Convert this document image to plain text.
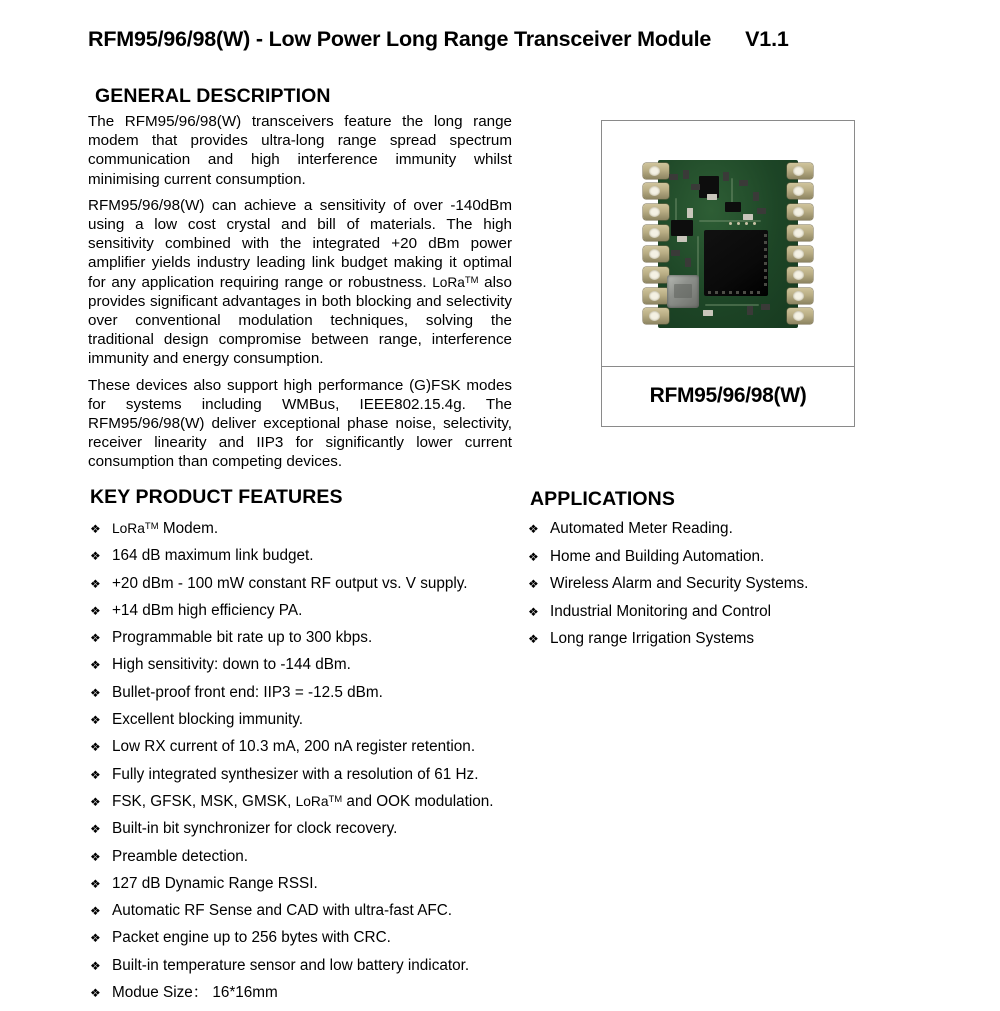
RFM95/96/98(W) - Low Power Long Range Transceiver Module V1.1
GENERAL DESCRIPTION

The RFM95/96/98(W) transceivers feature the long range modem that provides ultra-long range spread spectrum communication and high interference immunity whilst minimising current consumption.

RFM95/96/98(W) can achieve a sensitivity of over -140dBm using a low cost crystal and bill of materials. The high sensitivity combined with the integrated +20 dBm power amplifier yields industry leading link budget making it optimal for any application requiring range or robustness. LoRa™ also provides significant advantages in both blocking and selectivity over conventional modulation techniques, solving the traditional design compromise between range, interference immunity and energy consumption.

These devices also support high performance (G)FSK modes for systems including WMBus, IEEE802.15.4g. The RFM95/96/98(W) deliver exceptional phase noise, selectivity, receiver linearity and IIP3 for significantly lower current consumption than competing devices.

RFM95/96/98(W)
KEY PRODUCT FEATURES
❖ LoRa™ Modem.
❖ 164 dB maximum link budget.
❖ +20 dBm - 100 mW constant RF output vs. V supply.
❖ +14 dBm high efficiency PA.
❖ Programmable bit rate up to 300 kbps.
❖ High sensitivity: down to -144 dBm.
❖ Bullet-proof front end: IIP3 = -12.5 dBm.
❖ Excellent blocking immunity.
❖ Low RX current of 10.3 mA, 200 nA register retention.
❖ Fully integrated synthesizer with a resolution of 61 Hz.
❖ FSK, GFSK, MSK, GMSK, LoRa™ and OOK modulation.
❖ Built-in bit synchronizer for clock recovery.
❖ Preamble detection.
❖ 127 dB Dynamic Range RSSI.
❖ Automatic RF Sense and CAD with ultra-fast AFC.
❖ Packet engine up to 256 bytes with CRC.
❖ Built-in temperature sensor and low battery indicator.
❖ Modue Size： 16*16mm
APPLICATIONS
❖ Automated Meter Reading.
❖ Home and Building Automation.
❖ Wireless Alarm and Security Systems.
❖ Industrial Monitoring and Control
❖ Long range Irrigation Systems
